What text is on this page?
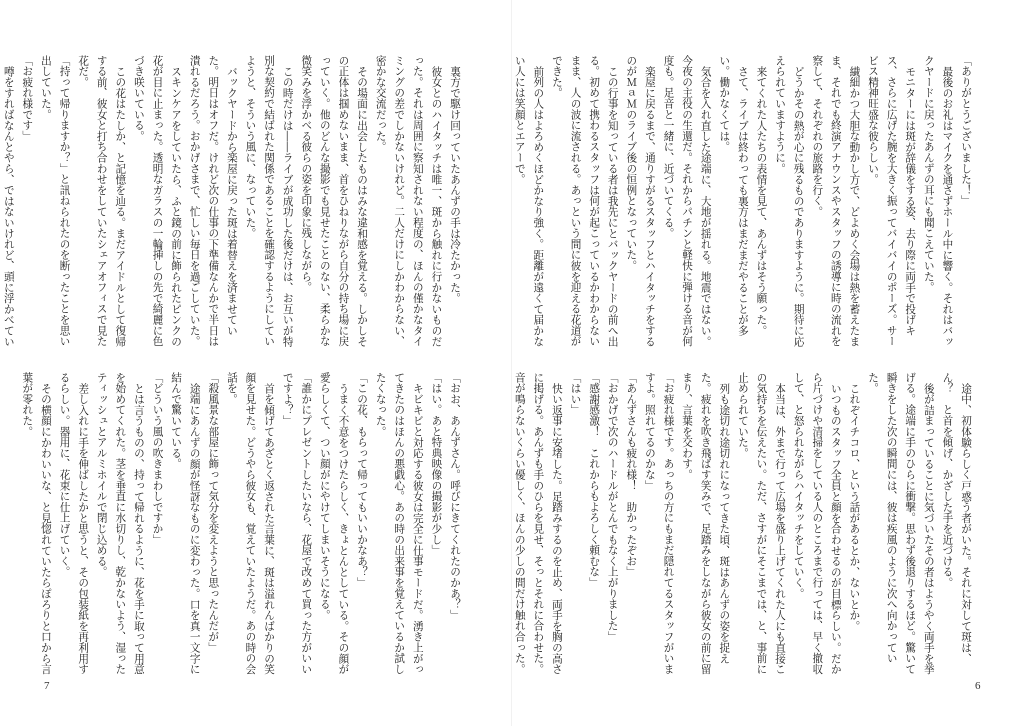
「ありがとうございました！」

最後のお礼はマイクを通さずホール中に響く。それはバックヤードに戻ったあんずの耳にも聞こえていた。

モニターには斑が辞儀をする姿、去り際に両手で投げキス、さらに広げた腕を大きく振ってバイバイのポーズ。サービス精神旺盛な彼らしい。

繊細かつ大胆な動かし方で、どよめく会場は熱を蓄えたまま、それでも終演アナウンスやスタッフの誘導に時の流れを察して、それぞれの旅路を行く。

どうかその熱が心に残るものでありますように。期待に応えられていますように。

来てくれた人たちの表情を見て、あんずはそう願った。

さて、ライブは終わっても裏方はまだまだやることが多い。働かなくては。

気合を入れ直した途端に、大地が揺れる。地震ではない。今夜の主役の生還だ。それからパチンと軽快に弾ける音が何度も。足音と一緒に、近づいてくる。

楽屋に戻るまで、通りすがるスタッフとハイタッチをするのがＭａＭのライブ後の恒例となっていた。

この行事を知っている者は我先にとバックヤードの前へ出る。初めて携わるスタッフは何が起こっているかわからないまま、人の波に流される。あっという間に彼を迎える花道ができた。

前列の人はよろめくほどかなり強く。距離が遠くて届かない人には笑顔とエアーで。

途中、初体験らしく戸惑う者がいた。それに対して斑は、ん？　と首を傾げ、かざした手を近づける。

後が詰まっていることに気づいたその者はようやく両手を挙げる。途端に手のひらに衝撃。思わず後退りするほど。驚いて瞬きをした次の瞬間には、彼は疾風のように次へ向かっていた。

これぞイチコロ、という話があるとか、ないとか。

いつものスタッフ全員と顔を合わせるのが目標らしい。だから片づけや清掃をしている人のところまで行っては、早く撤収して、と怒られながらハイタッチをしていく。

本当は、外まで行って広場を盛り上げてくれた人にも直接この気持ちを伝えたい。ただ、さすがにそこまでは、と、事前に止められていた。

列も途切れ途切れになってきた頃、斑はあんずの姿を捉えた。疲れを吹き飛ばす笑みで、足踏みをしながら彼女の前に留まり、言葉を交わす。

「お疲れ様です。あっちの方にもまだ隠れてるスタッフがいますよ。照れてるのかな」

「あんずさんも疲れ様！　助かったぞお」

「おかげで次のハードルがとんでもなく上がりました」

「感謝感激！　これからもよろしく頼むな」

「はい」

快い返事に安堵した。足踏みするのを止め、両手を胸の高さに掲げる。あんずも手のひらを見せ、そっとそれに合わせた。音が鳴らないくらい優しく、ほんの少しの間だけ触れ合った。

裏方で駆け回っていたあんずの手は冷たかった。

彼女とのハイタッチは唯一、斑から触れに行かないものだった。それは周囲に察知されない程度の、ほんの僅かなタイミングの差でしかないけれど。二人だけにしかわからない、密かな交流だった。

その場面に出会したものはみな違和感を覚える。しかしその正体は掴めないまま、首をひねりながら自分の持ち場に戻っていく。他のどんな撮影でも見せたことのない、柔らかな微笑みを浮かべる彼らの姿を印象に残しながら。

この時だけは――ライブが成功した後だけは、お互いが特別な契約で結ばれた関係であることを確認するようにしていようと、そういう風に、なっていた。

バックヤードから楽屋に戻った斑は着替えを済ませていた。明日はオフだ。けれど次の仕事の下準備なんかで半日は潰れるだろう。おかげさまで、忙しい毎日を過ごしていた。

スキンケアをしていたら、ふと鏡の前に飾られたピンクの花が目に止まった。透明なガラスの一輪挿しの先で綺麗に色づき咲いている。

この花はたしか、と記憶を辿る。まだアイドルとして復帰する前、彼女と打ち合わせをしていたシェアオフィスで見た花だ。

「持って帰りますか？」と訊ねられたのを断ったことを思い出していた。

「お疲れ様です」

噂をすればなんとやら、ではないけれど、頭に浮かべてい

「おお、あんずさん。呼びにきてくれたのかあ？」

「はい。あと特典映像の撮影が少し」

キビキビと対応する彼女は完全に仕事モードだ。湧き上がってきたのはほんの悪戯心。あの時の出来事を覚えているか試したくなった。

「この花、もらって帰ってもいいかなあ？」

うまく不意をつけたらしく、きょとんとしている。その顔が愛らしくて、つい顔がにやけてしまいそうになる。

「誰かにプレゼントしたいなら、花屋で改めて買った方がいいですよ？」

首を傾げてあざとく返された言葉に、斑は溢れんばかりの笑顔を見せた。どうやら彼女も、覚えていたようだ。あの時の会話を。

「殺風景な部屋に飾って気分を変えようと思ったんだが」

途端にあんずの顔が怪訝なものに変わった。口を真一文字に結んで驚いている。

「どういう風の吹きまわしですか」

とは言うものの、持って帰れるように、花を手に取って用意を始めてくれた。茎を垂直に水切りし、乾かないよう、湿ったティッシュとアルミホイルで閉じ込める。

差し入れに手を伸ばしたかと思うと、その包装紙を再利用するらしい。器用に、花束に仕上げていく。

その横顔にかわいいな、と見惚れていたらぽろりと口から言葉が零れた。

7	6
